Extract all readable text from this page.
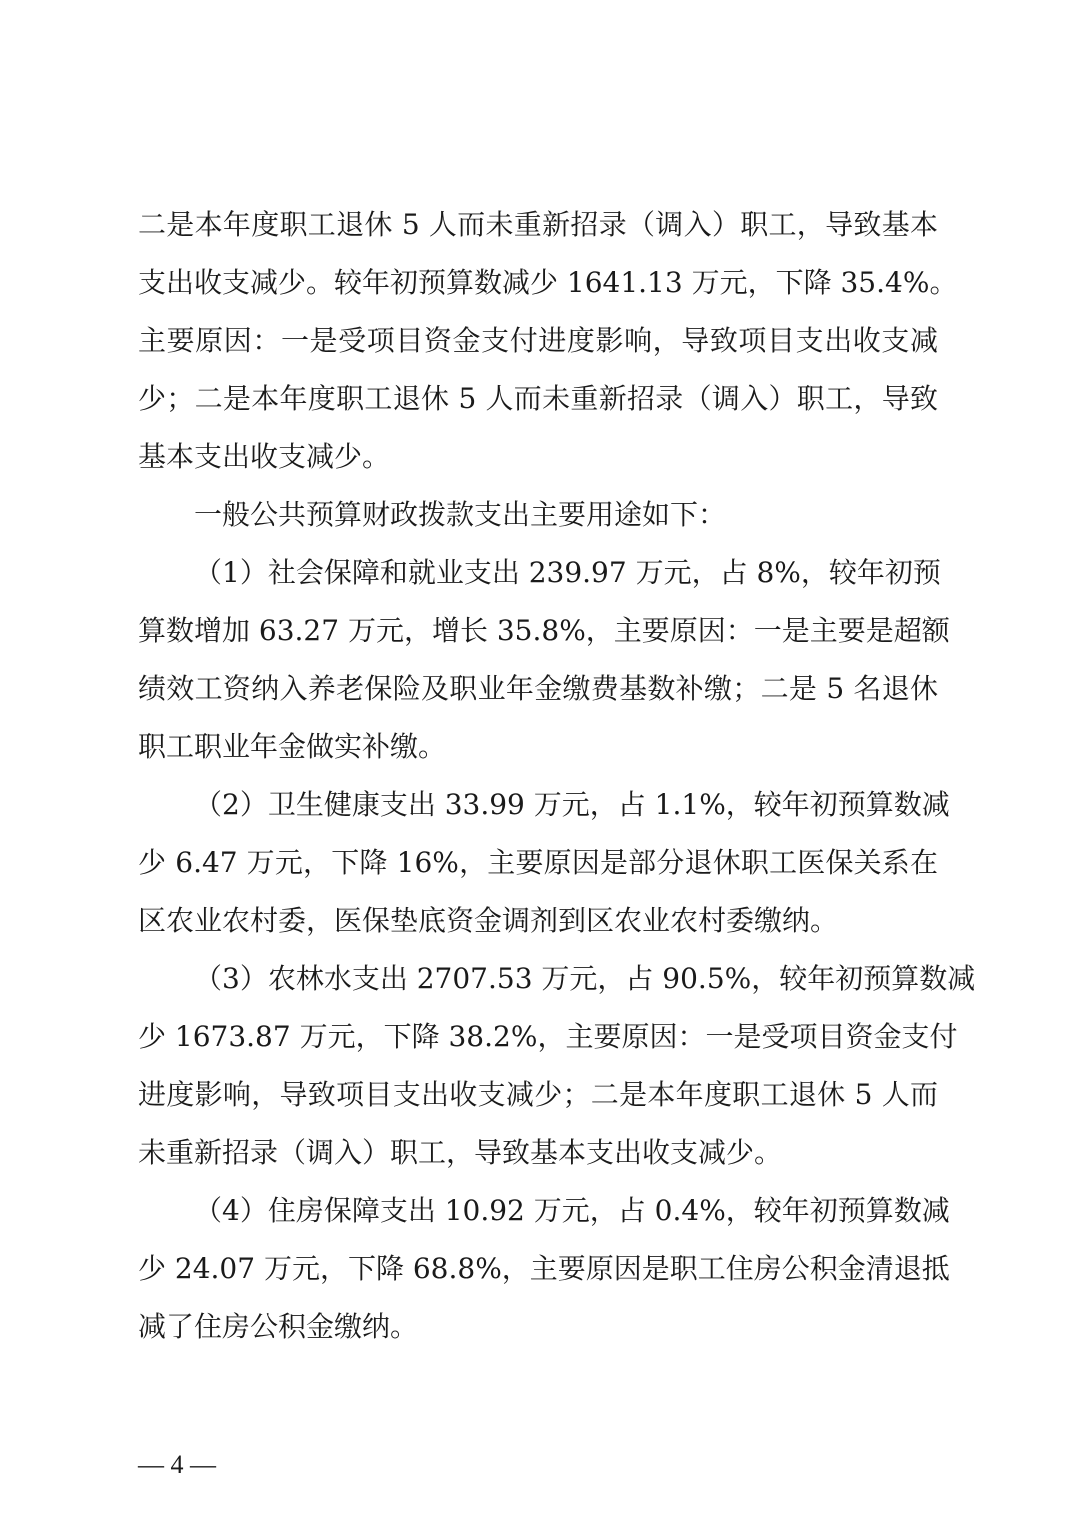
二是本年度职工退休 5 人而未重新招录（调入）职工，导致基本
支出收支减少。较年初预算数减少 1641.13 万元，下降 35.4%。
主要原因：一是受项目资金支付进度影响，导致项目支出收支减
少；二是本年度职工退休 5 人而未重新招录（调入）职工，导致
基本支出收支减少。
一般公共预算财政拨款支出主要用途如下：
（1）社会保障和就业支出 239.97 万元，占 8%，较年初预
算数增加 63.27 万元，增长 35.8%，主要原因：一是主要是超额
绩效工资纳入养老保险及职业年金缴费基数补缴；二是 5 名退休
职工职业年金做实补缴。
（2）卫生健康支出 33.99 万元，占 1.1%，较年初预算数减
少 6.47 万元，下降 16%，主要原因是部分退休职工医保关系在
区农业农村委，医保垫底资金调剂到区农业农村委缴纳。
（3）农林水支出 2707.53 万元，占 90.5%，较年初预算数减
少 1673.87 万元，下降 38.2%，主要原因：一是受项目资金支付
进度影响，导致项目支出收支减少；二是本年度职工退休 5 人而
未重新招录（调入）职工，导致基本支出收支减少。
（4）住房保障支出 10.92 万元，占 0.4%，较年初预算数减
少 24.07 万元，下降 68.8%，主要原因是职工住房公积金清退抵
减了住房公积金缴纳。
— 4 —
